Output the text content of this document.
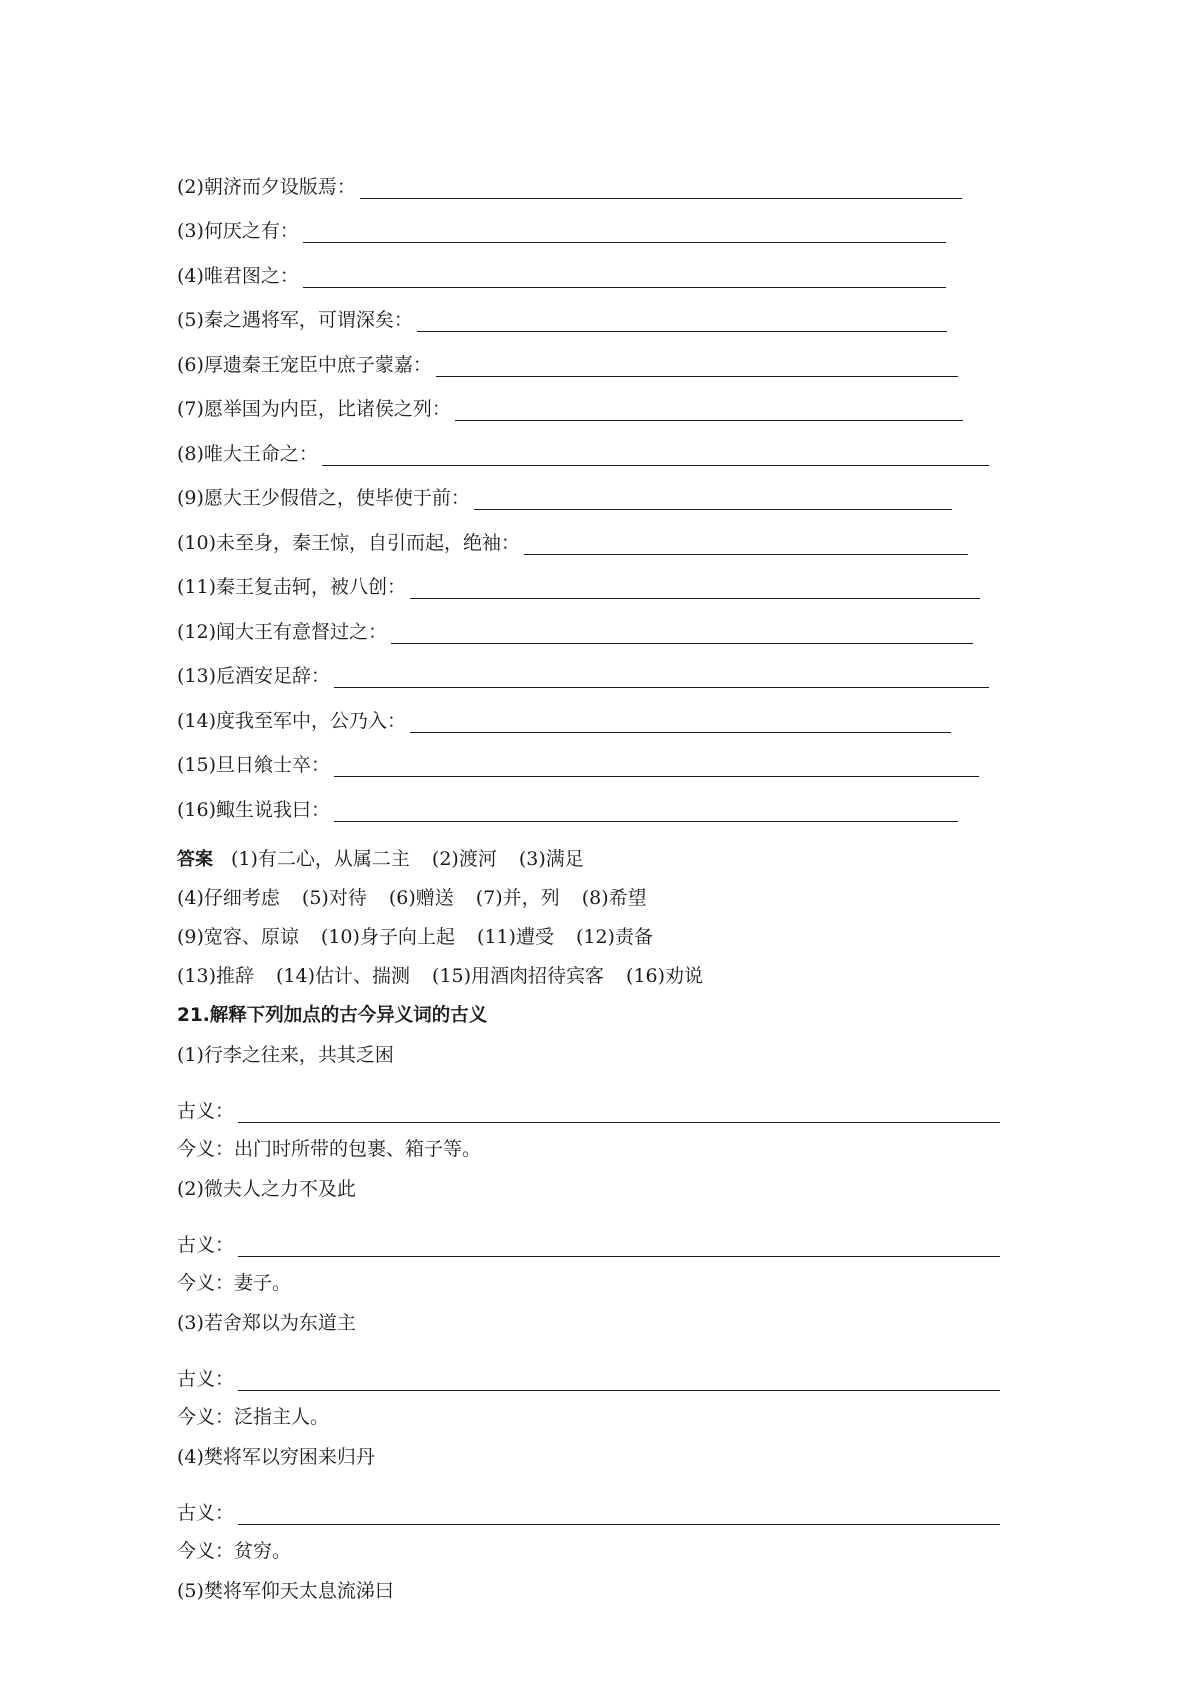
(2)朝济而夕设版焉：
(3)何厌之有：
(4)唯君图之：
(5)秦之遇将军，可谓深矣：
(6)厚遗秦王宠臣中庶子蒙嘉：
(7)愿举国为内臣，比诸侯之列：
(8)唯大王命之：
(9)愿大王少假借之，使毕使于前：
(10)未至身，秦王惊，自引而起，绝袖：
(11)秦王复击轲，被八创：
(12)闻大王有意督过之：
(13)卮酒安足辞：
(14)度我至军中，公乃入：
(15)旦日飨士卒：
(16)鲰生说我曰：
答案 (1)有二心，从属二主 (2)渡河 (3)满足
(4)仔细考虑 (5)对待 (6)赠送 (7)并，列 (8)希望
(9)宽容、原谅 (10)身子向上起 (11)遭受 (12)责备
(13)推辞 (14)估计、揣测 (15)用酒肉招待宾客 (16)劝说
21.解释下列加点的古今异义词的古义
(1)行李之往来，共其乏困
古义：
今义：出门时所带的包裹、箱子等。
(2)微夫人之力不及此
古义：
今义：妻子。
(3)若舍郑以为东道主
古义：
今义：泛指主人。
(4)樊将军以穷困来归丹
古义：
今义：贫穷。
(5)樊将军仰天太息流涕曰
